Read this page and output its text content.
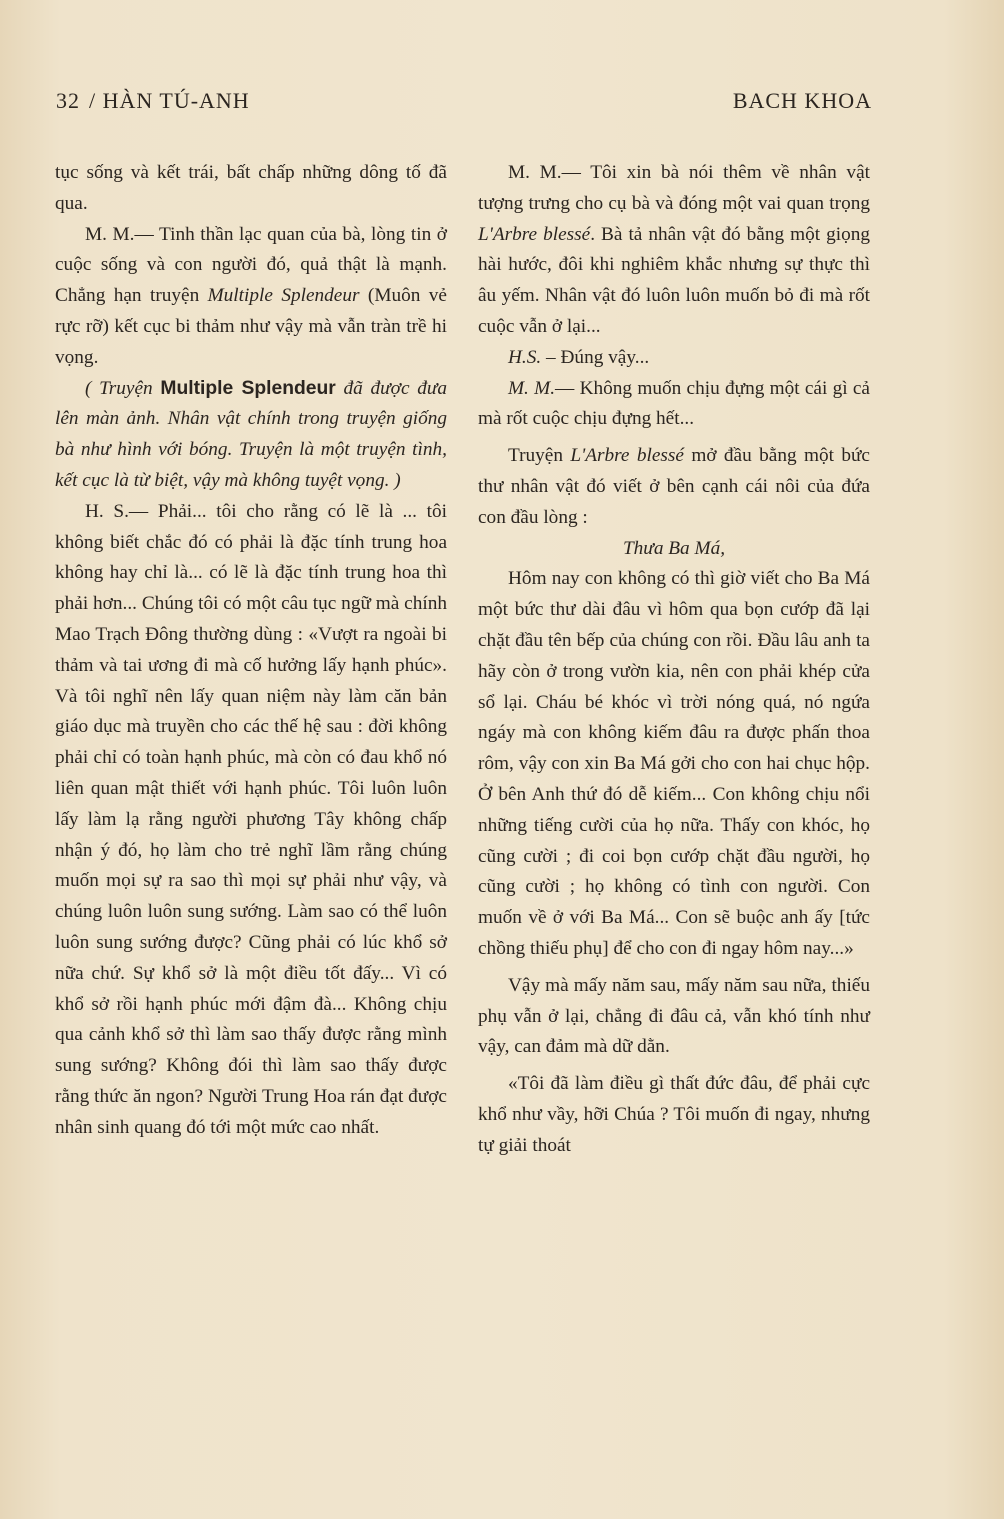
32 / HÀN TÚ-ANH	BACH KHOA

tục sống và kết trái, bất chấp những dông tố đã qua.

M. M.— Tinh thần lạc quan của bà, lòng tin ở cuộc sống và con người đó, quả thật là mạnh. Chẳng hạn truyện Multiple Splendeur (Muôn vẻ rực rỡ) kết cục bi thảm như vậy mà vẫn tràn trề hi vọng.

( Truyện Multiple Splendeur đã được đưa lên màn ảnh. Nhân vật chính trong truyện giống bà như hình với bóng. Truyện là một truyện tình, kết cục là từ biệt, vậy mà không tuyệt vọng. )

H. S.— Phải... tôi cho rằng có lẽ là ... tôi không biết chắc đó có phải là đặc tính trung hoa không hay chỉ là... có lẽ là đặc tính trung hoa thì phải hơn... Chúng tôi có một câu tục ngữ mà chính Mao Trạch Đông thường dùng : «Vượt ra ngoài bi thảm và tai ương đi mà cố hưởng lấy hạnh phúc». Và tôi nghĩ nên lấy quan niệm này làm căn bản giáo dục mà truyền cho các thế hệ sau : đời không phải chỉ có toàn hạnh phúc, mà còn có đau khổ nó liên quan mật thiết với hạnh phúc. Tôi luôn luôn lấy làm lạ rằng người phương Tây không chấp nhận ý đó, họ làm cho trẻ nghĩ lầm rằng chúng muốn mọi sự ra sao thì mọi sự phải như vậy, và chúng luôn luôn sung sướng. Làm sao có thể luôn luôn sung sướng được? Cũng phải có lúc khổ sở nữa chứ. Sự khổ sở là một điều tốt đấy... Vì có khổ sở rồi hạnh phúc mới đậm đà... Không chịu qua cảnh khổ sở thì làm sao thấy được rằng mình sung sướng? Không đói thì làm sao thấy được rằng thức ăn ngon? Người Trung Hoa rán đạt được nhân sinh quang đó tới một mức cao nhất.

M. M.— Tôi xin bà nói thêm về nhân vật tượng trưng cho cụ bà và đóng một vai quan trọng L'Arbre blessé. Bà tả nhân vật đó bằng một giọng hài hước, đôi khi nghiêm khắc nhưng sự thực thì âu yếm. Nhân vật đó luôn luôn muốn bỏ đi mà rốt cuộc vẫn ở lại...

H.S. – Đúng vậy...

M. M.— Không muốn chịu đựng một cái gì cả mà rốt cuộc chịu đựng hết...

Truyện L'Arbre blessé mở đầu bằng một bức thư nhân vật đó viết ở bên cạnh cái nôi của đứa con đầu lòng :

Thưa Ba Má,

Hôm nay con không có thì giờ viết cho Ba Má một bức thư dài đâu vì hôm qua bọn cướp đã lại chặt đầu tên bếp của chúng con rồi. Đầu lâu anh ta hãy còn ở trong vườn kia, nên con phải khép cửa sổ lại. Cháu bé khóc vì trời nóng quá, nó ngứa ngáy mà con không kiếm đâu ra được phấn thoa rôm, vậy con xin Ba Má gởi cho con hai chục hộp. Ở bên Anh thứ đó dễ kiếm... Con không chịu nổi những tiếng cười của họ nữa. Thấy con khóc, họ cũng cười ; đi coi bọn cướp chặt đầu người, họ cũng cười ; họ không có tình con người. Con muốn về ở với Ba Má... Con sẽ buộc anh ấy [tức chồng thiếu phụ] để cho con đi ngay hôm nay...»

Vậy mà mấy năm sau, mấy năm sau nữa, thiếu phụ vẫn ở lại, chẳng đi đâu cả, vẫn khó tính như vậy, can đảm mà dữ dằn.

«Tôi đã làm điều gì thất đức đâu, để phải cực khổ như vầy, hỡi Chúa ? Tôi muốn đi ngay, nhưng tự giải thoát
